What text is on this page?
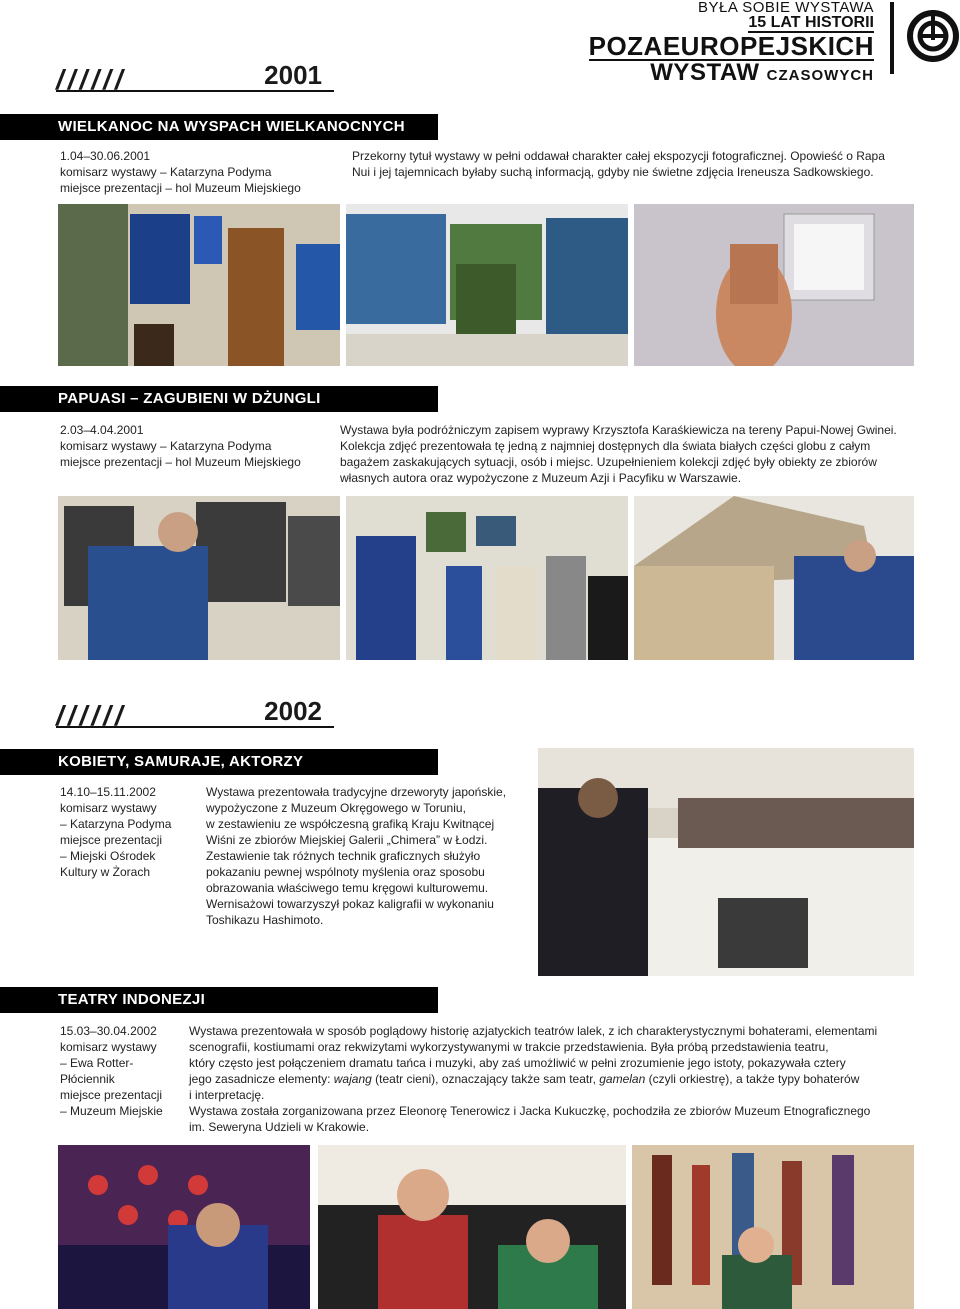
BYŁA SOBIE WYSTAWA
15 LAT HISTORII
POZAEUROPEJSKICH
WYSTAW CZASOWYCH
//////	2001
WIELKANOC NA WYSPACH WIELKANOCNYCH
1.04–30.06.2001
komisarz wystawy – Katarzyna Podyma
miejsce prezentacji – hol Muzeum Miejskiego
Przekorny tytuł wystawy w pełni oddawał charakter całej ekspozycji fotograficznej. Opowieść o Rapa
Nui i jej tajemnicach byłaby suchą informacją, gdyby nie świetne zdjęcia Ireneusza Sadkowskiego.
PAPUASI – ZAGUBIENI W DŻUNGLI
2.03–4.04.2001
komisarz wystawy – Katarzyna Podyma
miejsce prezentacji – hol Muzeum Miejskiego
Wystawa była podróżniczym zapisem wyprawy Krzysztofa Karaśkiewicza na tereny Papui-Nowej Gwinei.
Kolekcja zdjęć prezentowała tę jedną z najmniej dostępnych dla świata białych części globu z całym
bagażem zaskakujących sytuacji, osób i miejsc. Uzupełnieniem kolekcji zdjęć były obiekty ze zbiorów
własnych autora oraz wypożyczone z Muzeum Azji i Pacyfiku w Warszawie.
//////	2002
KOBIETY, SAMURAJE, AKTORZY
14.10–15.11.2002
komisarz wystawy
– Katarzyna Podyma
miejsce prezentacji
– Miejski Ośrodek
Kultury w Żorach
Wystawa prezentowała tradycyjne drzeworyty japońskie,
wypożyczone z Muzeum Okręgowego w Toruniu,
w zestawieniu ze współczesną grafiką Kraju Kwitnącej
Wiśni ze zbiorów Miejskiej Galerii „Chimera” w Łodzi.
Zestawienie tak różnych technik graficznych służyło
pokazaniu pewnej wspólnoty myślenia oraz sposobu
obrazowania właściwego temu kręgowi kulturowemu.
Wernisażowi towarzyszył pokaz kaligrafii w wykonaniu
Toshikazu Hashimoto.
TEATRY INDONEZJI
15.03–30.04.2002
komisarz wystawy
– Ewa Rotter-
Płóciennik
miejsce prezentacji
– Muzeum Miejskie
Wystawa prezentowała w sposób poglądowy historię azjatyckich teatrów lalek, z ich charakterystycznymi bohaterami, elementami
scenografii, kostiumami oraz rekwizytami wykorzystywanymi w trakcie przedstawienia. Była próbą przedstawienia teatru,
który często jest połączeniem dramatu tańca i muzyki, aby zaś umożliwić w pełni zrozumienie jego istoty, pokazywała cztery
jego zasadnicze elementy: wajang (teatr cieni), oznaczający także sam teatr, gamelan (czyli orkiestrę), a także typy bohaterów
i interpretację.
Wystawa została zorganizowana przez Eleonorę Tenerowicz i Jacka Kukuczkę, pochodziła ze zbiorów Muzeum Etnograficznego
im. Seweryna Udzieli w Krakowie.
